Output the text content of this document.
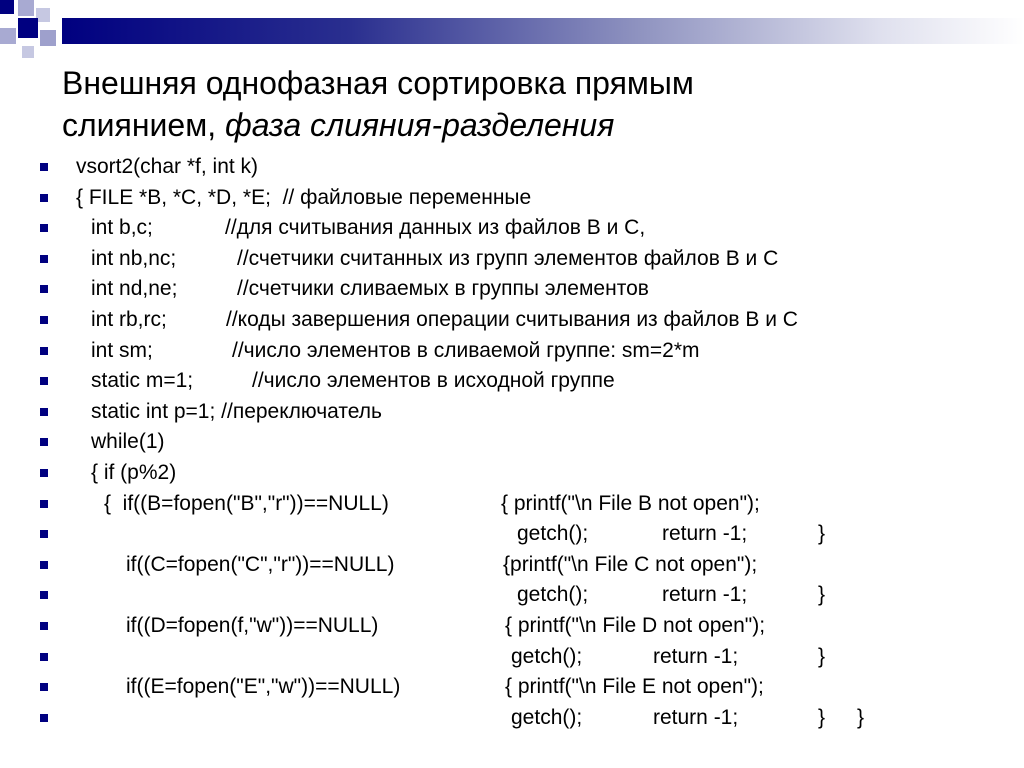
Внешняя однофазная сортировка прямым
слиянием, фаза слияния-разделения
vsort2(char *f, int k)
{ FILE *B, *C, *D, *E;  // файловые переменные
int b,c;	//для считывания данных из файлов B и C,
int nb,nc;	//счетчики считанных из групп элементов файлов B и C
int nd,ne;	//счетчики сливаемых в группы элементов
int rb,rc;	//коды завершения операции считывания из файлов B и C
int sm;	//число элементов в сливаемой группе: sm=2*m
static m=1;	//число элементов в исходной группе
static int p=1; //переключатель
while(1)
{ if (p%2)
{  if((B=fopen("B","r"))==NULL)	{ printf("\n File B not open");
getch();	return -1;	}
if((C=fopen("C","r"))==NULL)	{printf("\n File C not open");
getch();	return -1;	}
if((D=fopen(f,"w"))==NULL)	{ printf("\n File D not open");
getch();	return -1;	}
if((E=fopen("E","w"))==NULL)	{ printf("\n File E not open");
getch();	return -1;	} }
